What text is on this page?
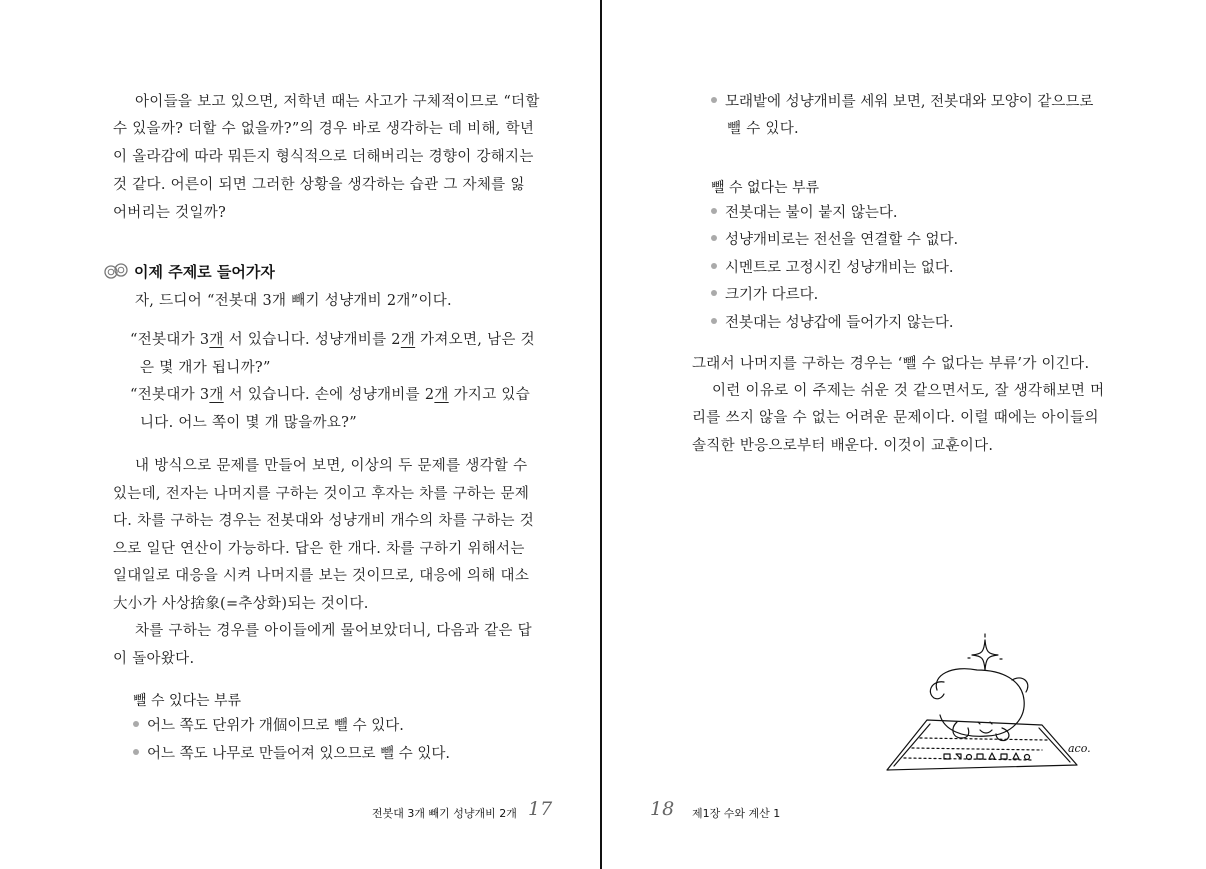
아이들을 보고 있으면, 저학년 때는 사고가 구체적이므로 “더할
수 있을까? 더할 수 없을까?”의 경우 바로 생각하는 데 비해, 학년
이 올라감에 따라 뭐든지 형식적으로 더해버리는 경향이 강해지는
것 같다. 어른이 되면 그러한 상황을 생각하는 습관 그 자체를 잃
어버리는 것일까?
이제 주제로 들어가자
자, 드디어 “전봇대 3개 빼기 성냥개비 2개”이다.
“전봇대가 3개 서 있습니다. 성냥개비를 2개 가져오면, 남은 것
은 몇 개가 됩니까?”
“전봇대가 3개 서 있습니다. 손에 성냥개비를 2개 가지고 있습
니다. 어느 쪽이 몇 개 많을까요?”
내 방식으로 문제를 만들어 보면, 이상의 두 문제를 생각할 수
있는데, 전자는 나머지를 구하는 것이고 후자는 차를 구하는 문제
다. 차를 구하는 경우는 전봇대와 성냥개비 개수의 차를 구하는 것
으로 일단 연산이 가능하다. 답은 한 개다. 차를 구하기 위해서는
일대일로 대응을 시켜 나머지를 보는 것이므로, 대응에 의해 대소
大小가 사상捨象(=추상화)되는 것이다.
차를 구하는 경우를 아이들에게 물어보았더니, 다음과 같은 답
이 돌아왔다.
뺄 수 있다는 부류
어느 쪽도 단위가 개個이므로 뺄 수 있다.
어느 쪽도 나무로 만들어져 있으므로 뺄 수 있다.
전봇대 3개 빼기 성냥개비 2개 17
모래밭에 성냥개비를 세워 보면, 전봇대와 모양이 같으므로
뺄 수 있다.
뺄 수 없다는 부류
전봇대는 불이 붙지 않는다.
성냥개비로는 전선을 연결할 수 없다.
시멘트로 고정시킨 성냥개비는 없다.
크기가 다르다.
전봇대는 성냥갑에 들어가지 않는다.
그래서 나머지를 구하는 경우는 ‘뺄 수 없다는 부류’가 이긴다.
이런 이유로 이 주제는 쉬운 것 같으면서도, 잘 생각해보면 머
리를 쓰지 않을 수 없는 어려운 문제이다. 이럴 때에는 아이들의
솔직한 반응으로부터 배운다. 이것이 교훈이다.
aco.
18 제1장 수와 계산 1
